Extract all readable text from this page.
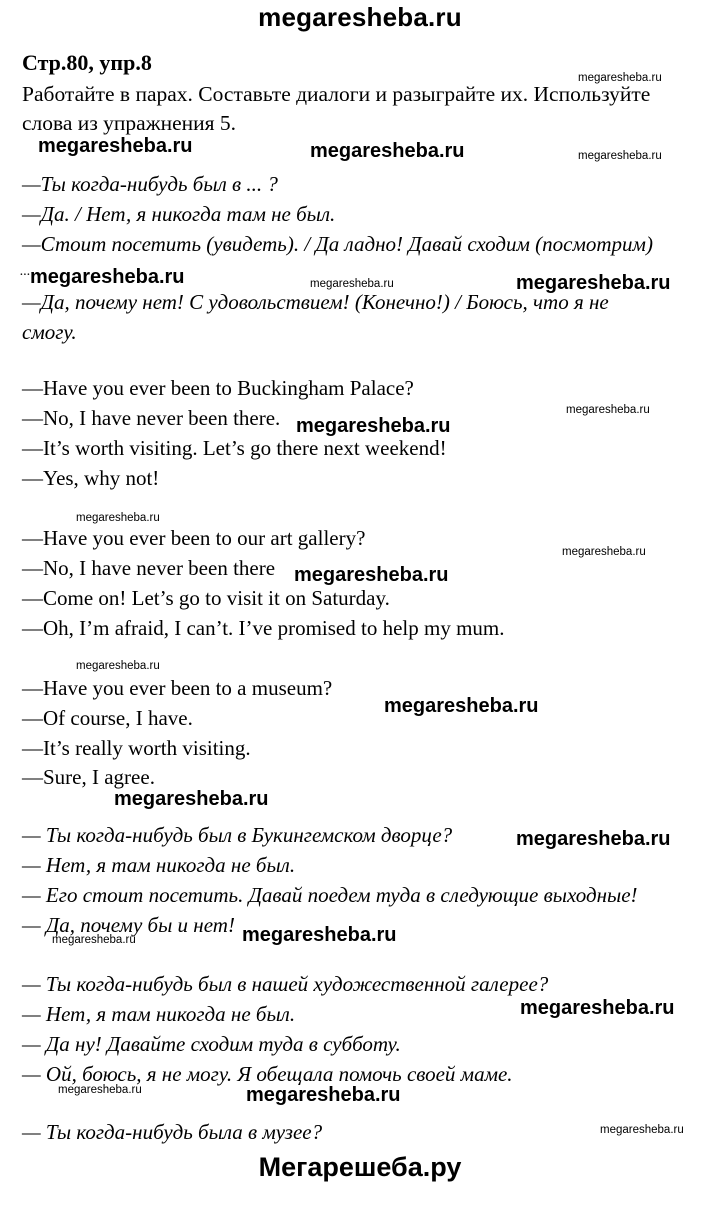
megaresheba.ru
Стр.80, упр.8
Работайте в парах. Составьте диалоги и разыграйте их. Используйте слова из упражнения 5.
—Ты когда-нибудь был в ... ?
—Да. / Нет, я никогда там не был.
—Стоит посетить (увидеть). / Да ладно! Давай сходим (посмотрим)
...
—Да, почему нет! С удовольствием! (Конечно!) / Боюсь, что я не
смогу.
—Have you ever been to Buckingham Palace?
—No, I have never been there.
—It’s worth visiting. Let’s go there next weekend!
—Yes, why not!
—Have you ever been to our art gallery?
—No, I have never been there
—Come on! Let’s go to visit it on Saturday.
—Oh, I’m afraid, I can’t. I’ve promised to help my mum.
—Have you ever been to a museum?
—Of course, I have.
—It’s really worth visiting.
—Sure, I agree.
— Ты когда-нибудь был в Букингемском дворце?
— Нет, я там никогда не был.
— Его стоит посетить. Давай поедем туда в следующие выходные!
— Да, почему бы и нет!
— Ты когда-нибудь был в нашей художественной галерее?
— Нет, я там никогда не был.
— Да ну! Давайте сходим туда в субботу.
— Ой, боюсь, я не могу. Я обещала помочь своей маме.
— Ты когда-нибудь была в музее?
megaresheba.ru	megaresheba.ru
megaresheba.ru	megaresheba.ru
megaresheba.ru
megaresheba.ru
megaresheba.ru
megaresheba.ru
megaresheba.ru
megaresheba.ru
megaresheba.ru
megaresheba.ru
megaresheba.ru
megaresheba.ru
megaresheba.ru
megaresheba.ru
megaresheba.ru
megaresheba.ru
megaresheba.ru
megaresheba.ru
megaresheba.ru
megaresheba.ru
Мегарешеба.ру
